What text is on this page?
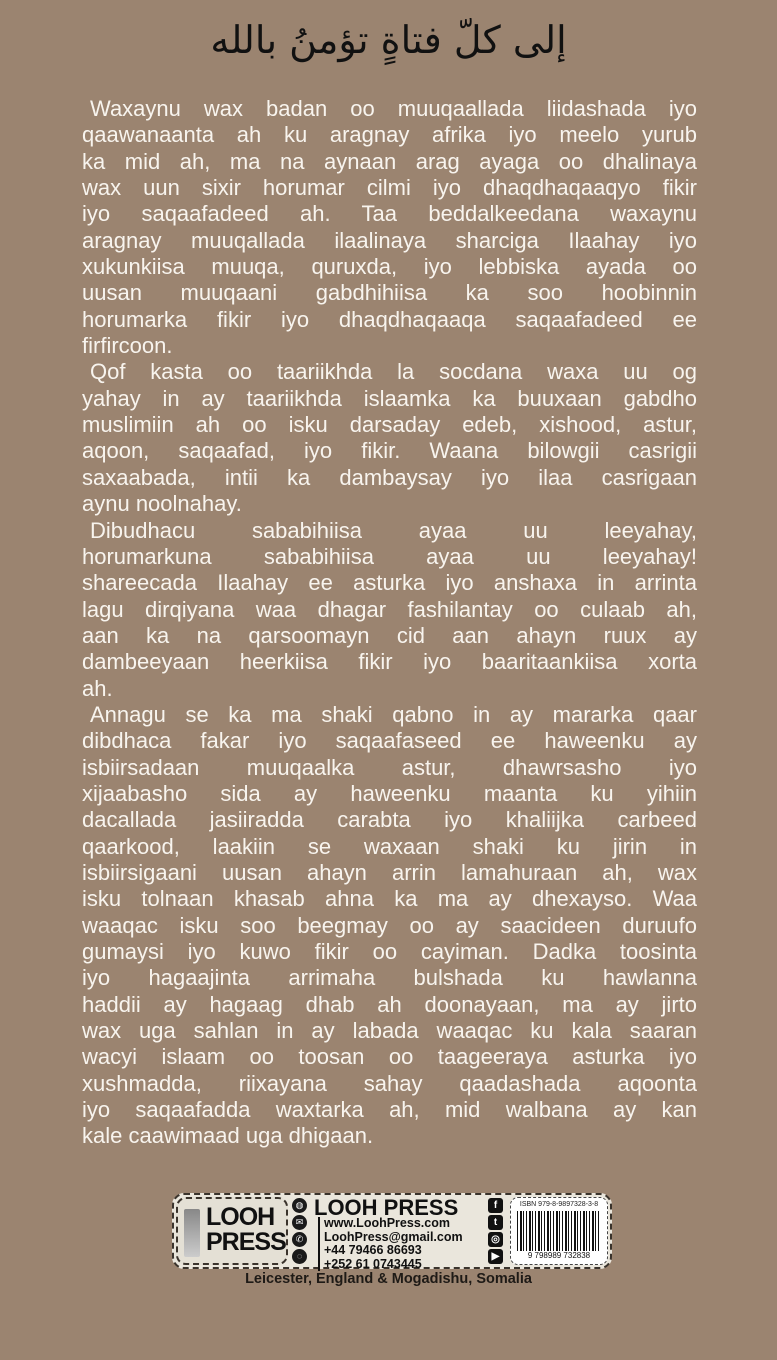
إلى كلّ فتاةٍ تؤمنُ بالله
Waxaynu wax badan oo muuqaallada liidashada iyo
qaawanaanta ah ku aragnay afrika iyo meelo yurub
ka mid ah, ma na aynaan arag ayaga oo dhalinaya
wax uun sixir horumar cilmi iyo dhaqdhaqaaqyo fikir
iyo saqaafadeed ah. Taa beddalkeedana waxaynu
aragnay muuqallada ilaalinaya sharciga Ilaahay iyo
xukunkiisa muuqa, quruxda, iyo lebbiska ayada oo
uusan muuqaani gabdhihiisa ka soo hoobinnin
horumarka fikir iyo dhaqdhaqaaqa saqaafadeed ee
firfircoon.
Qof kasta oo taariikhda la socdana waxa uu og
yahay in ay taariikhda islaamka ka buuxaan gabdho
muslimiin ah oo isku darsaday edeb, xishood, astur,
aqoon, saqaafad, iyo fikir. Waana bilowgii casrigii
saxaabada, intii ka dambaysay iyo ilaa casrigaan
aynu noolnahay.
Dibudhacu sababihiisa ayaa uu leeyahay,
horumarkuna sababihiisa ayaa uu leeyahay!
shareecada Ilaahay ee asturka iyo anshaxa in arrinta
lagu dirqiyana waa dhagar fashilantay oo culaab ah,
aan ka na qarsoomayn cid aan ahayn ruux ay
dambeeyaan heerkiisa fikir iyo baaritaankiisa xorta
ah.
Annagu se ka ma shaki qabno in ay mararka qaar
dibdhaca fakar iyo saqaafaseed ee haweenku ay
isbiirsadaan muuqaalka astur, dhawrsasho iyo
xijaabasho sida ay haweenku maanta ku yihiin
dacallada jasiiradda carabta iyo khaliijka carbeed
qaarkood, laakiin se waxaan shaki ku jirin in
isbiirsigaani uusan ahayn arrin lamahuraan ah, wax
isku tolnaan khasab ahna ka ma ay dhexayso. Waa
waaqac isku soo beegmay oo ay saacideen duruufo
gumaysi iyo kuwo fikir oo cayiman. Dadka toosinta
iyo hagaajinta arrimaha bulshada ku hawlanna
haddii ay hagaag dhab ah doonayaan, ma ay jirto
wax uga sahlan in ay labada waaqac ku kala saaran
wacyi islaam oo toosan oo taageeraya asturka iyo
xushmadda, riixayana sahay qaadashada aqoonta
iyo saqaafadda waxtarka ah, mid walbana ay kan
kale caawimaad uga dhigaan.
LOOH
PRESS
◍
✉
✆
◌
LOOH PRESS
www.LoohPress.com
LoohPress@gmail.com
+44 79466 86693
+252 61 0743445
f
t
◎
▶
ISBN 979-8-9897328-3-8
9 798989 732838
Leicester, England & Mogadishu, Somalia
